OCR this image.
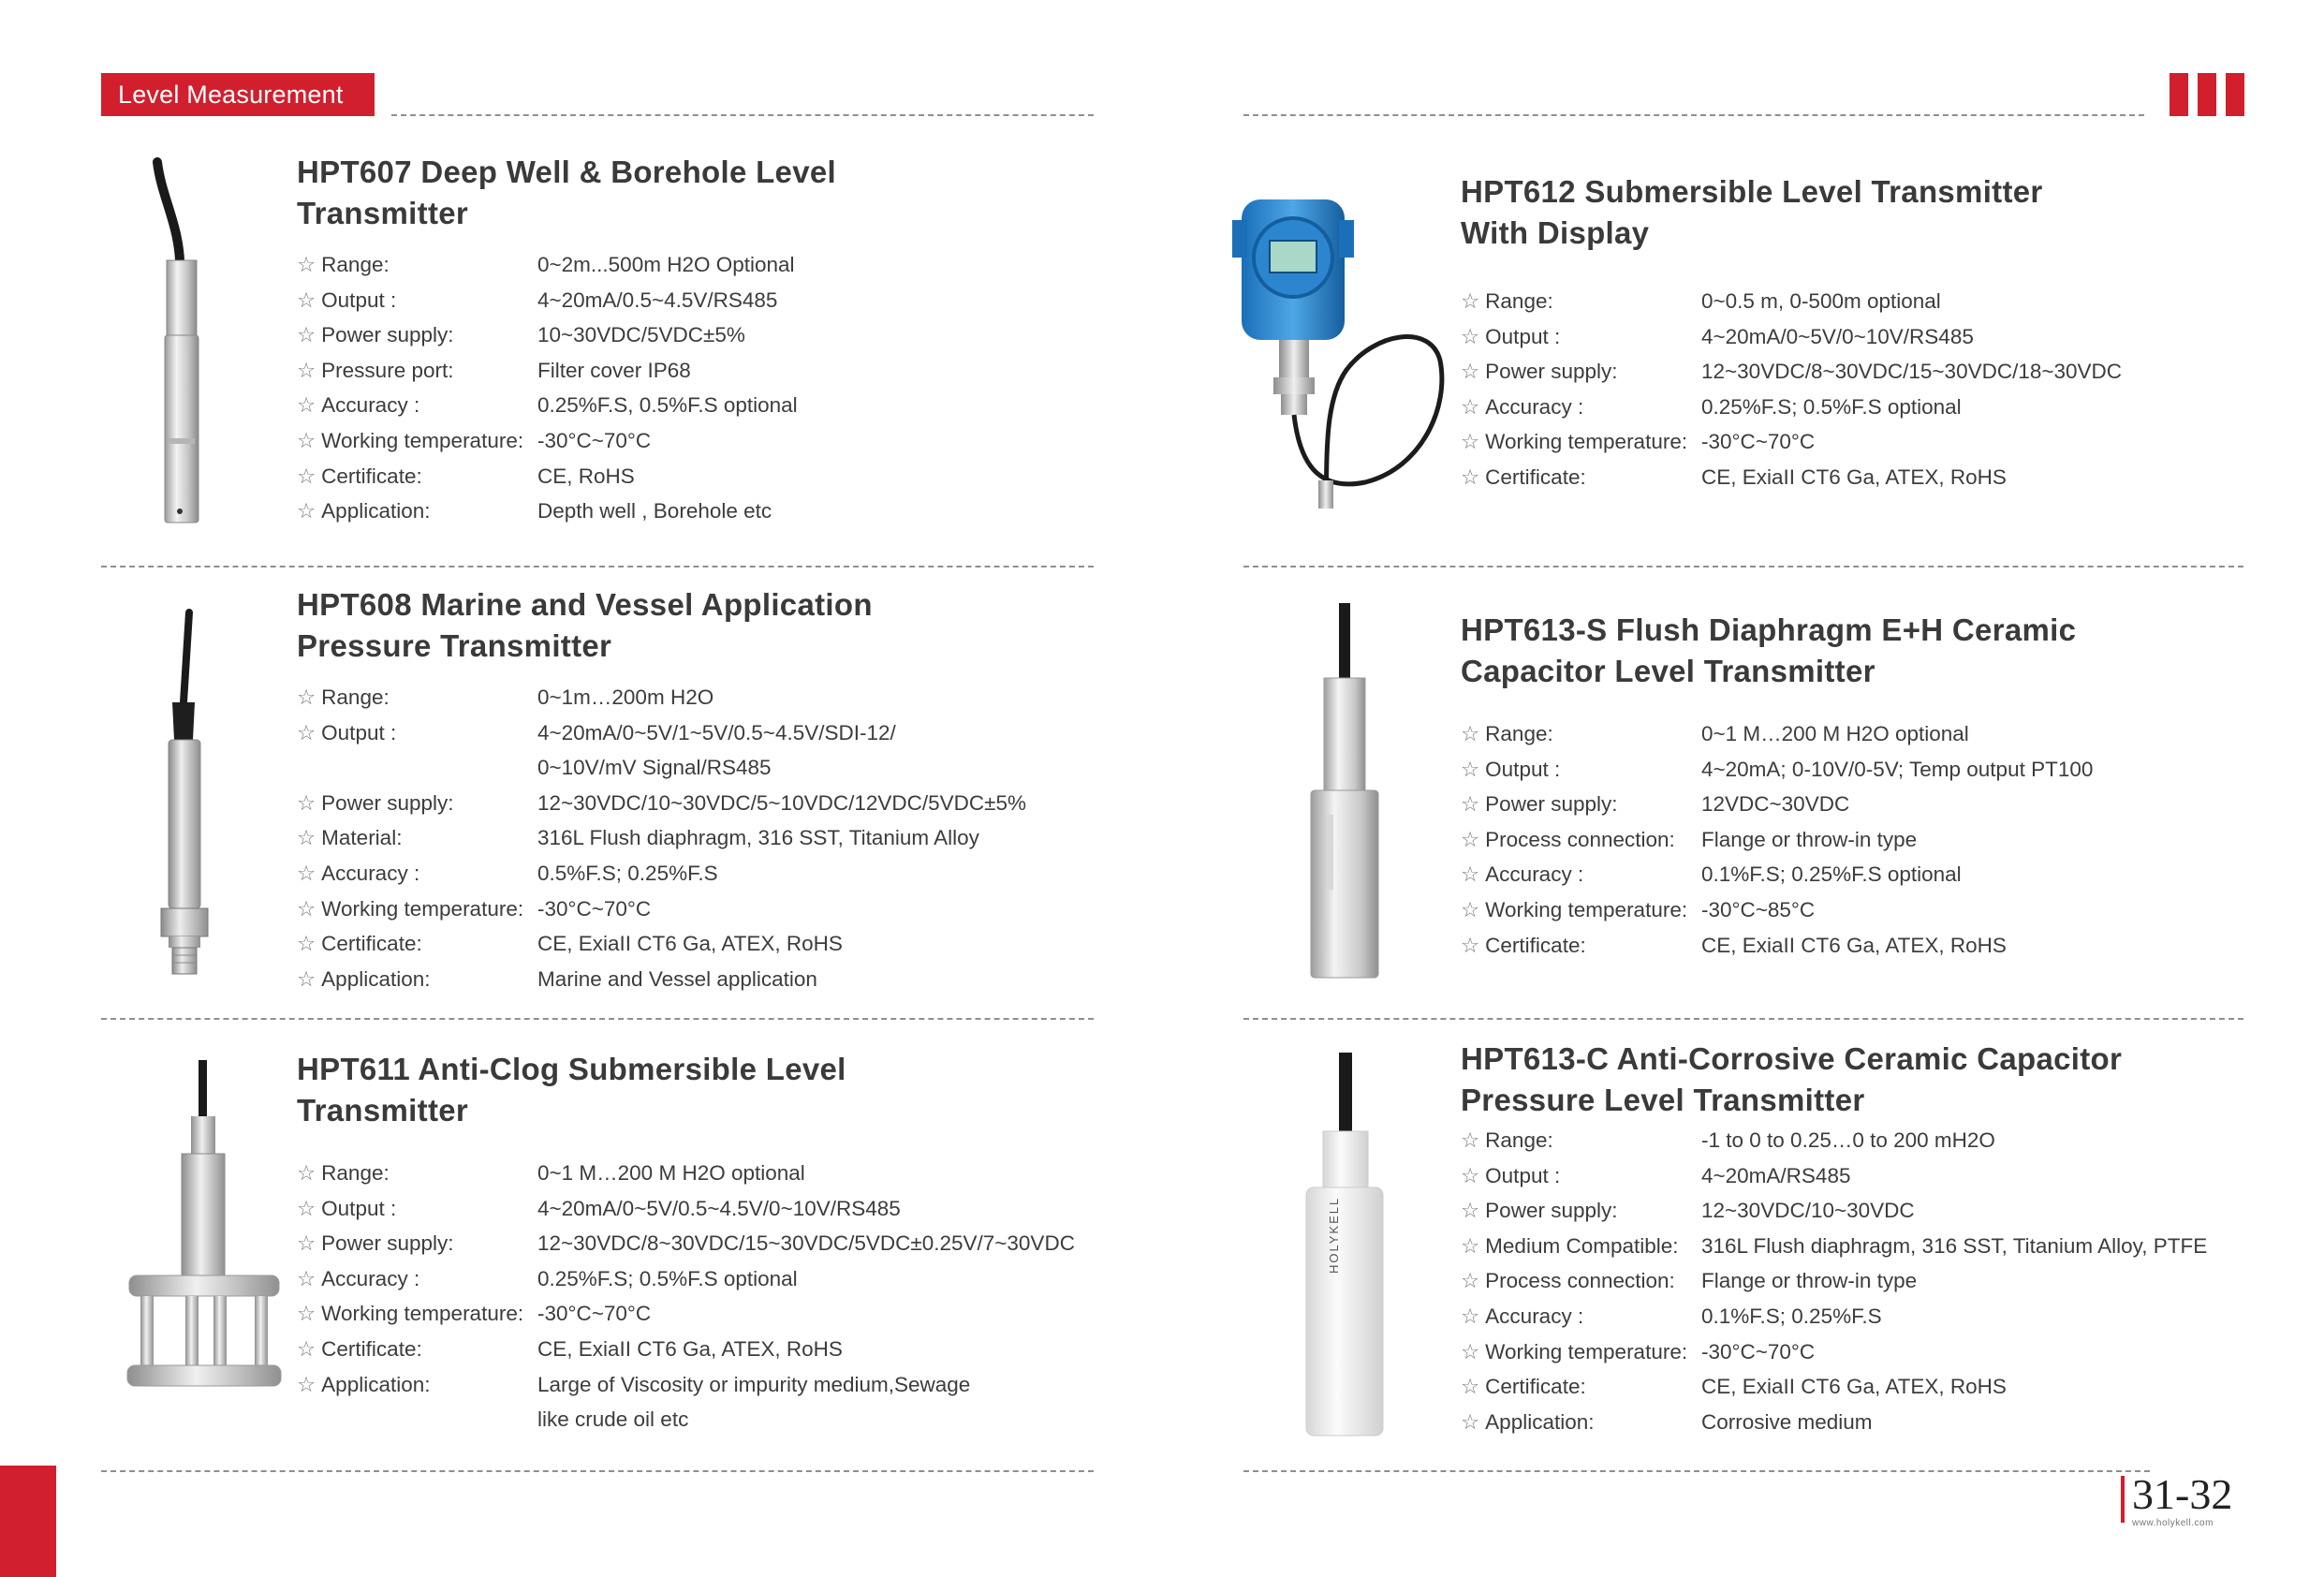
Level Measurement
HOLYKELL
HPT607 Deep Well & Borehole Level
Transmitter
☆ Range:	0~2m...500m H2O Optional
☆ Output :	4~20mA/0.5~4.5V/RS485
☆ Power supply:	10~30VDC/5VDC±5%
☆ Pressure port:	Filter cover IP68
☆ Accuracy :	0.25%F.S, 0.5%F.S optional
☆ Working temperature: -30°C~70°C
☆ Certificate:	CE, RoHS
☆ Application:	Depth well , Borehole etc
HPT612 Submersible Level Transmitter
With Display
☆ Range:	0~0.5 m, 0-500m optional
☆ Output :	4~20mA/0~5V/0~10V/RS485
☆ Power supply:	12~30VDC/8~30VDC/15~30VDC/18~30VDC
☆ Accuracy :	0.25%F.S; 0.5%F.S optional
☆ Working temperature: -30°C~70°C
☆ Certificate:	CE, ExiaII CT6 Ga, ATEX, RoHS
HPT608 Marine and Vessel Application
Pressure Transmitter
☆ Range:	0~1m…200m H2O
☆ Output :	4~20mA/0~5V/1~5V/0.5~4.5V/SDI-12/
0~10V/mV Signal/RS485
☆ Power supply:	12~30VDC/10~30VDC/5~10VDC/12VDC/5VDC±5%
☆ Material:	316L Flush diaphragm, 316 SST, Titanium Alloy
☆ Accuracy :	0.5%F.S; 0.25%F.S
☆ Working temperature: -30°C~70°C
☆ Certificate:	CE, ExiaII CT6 Ga, ATEX, RoHS
☆ Application:	Marine and Vessel application
HPT613-S Flush Diaphragm E+H Ceramic
Capacitor Level Transmitter
☆ Range:	0~1 M…200 M H2O optional
☆ Output :	4~20mA; 0-10V/0-5V; Temp output PT100
☆ Power supply:	12VDC~30VDC
☆ Process connection:	Flange or throw-in type
☆ Accuracy :	0.1%F.S; 0.25%F.S optional
☆ Working temperature: -30°C~85°C
☆ Certificate:	CE, ExiaII CT6 Ga, ATEX, RoHS
HPT611 Anti-Clog Submersible Level
Transmitter
☆ Range:	0~1 M…200 M H2O optional
☆ Output :	4~20mA/0~5V/0.5~4.5V/0~10V/RS485
☆ Power supply:	12~30VDC/8~30VDC/15~30VDC/5VDC±0.25V/7~30VDC
☆ Accuracy :	0.25%F.S; 0.5%F.S optional
☆ Working temperature: -30°C~70°C
☆ Certificate:	CE, ExiaII CT6 Ga, ATEX, RoHS
☆ Application:	Large of Viscosity or impurity medium,Sewage
like crude oil etc
HPT613-C Anti-Corrosive Ceramic Capacitor
Pressure Level Transmitter
☆ Range:	-1 to 0 to 0.25…0 to 200 mH2O
☆ Output :	4~20mA/RS485
☆ Power supply:	12~30VDC/10~30VDC
☆ Medium Compatible:	316L Flush diaphragm, 316 SST, Titanium Alloy, PTFE
☆ Process connection:	Flange or throw-in type
☆ Accuracy :	0.1%F.S; 0.25%F.S
☆ Working temperature: -30°C~70°C
☆ Certificate:	CE, ExiaII CT6 Ga, ATEX, RoHS
☆ Application:	Corrosive medium
31-32
www.holykell.com
